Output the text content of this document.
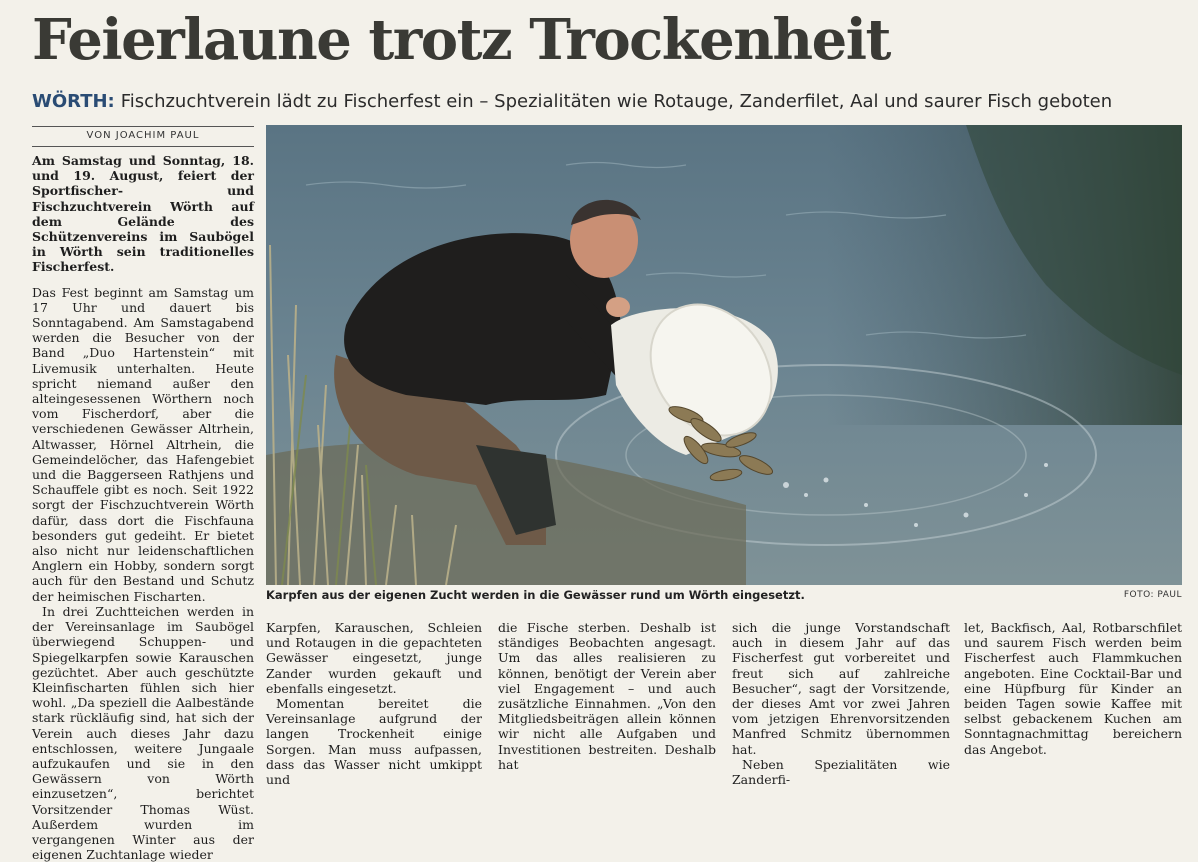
Feierlaune trotz Trockenheit
WÖRTH: Fischzuchtverein lädt zu Fischerfest ein – Spezialitäten wie Rotauge, Zanderfilet, Aal und saurer Fisch geboten
VON JOACHIM PAUL

Am Samstag und Sonntag, 18. und 19. August, feiert der Sportfischer- und Fischzuchtverein Wörth auf dem Gelände des Schützenvereins im Saubögel in Wörth sein traditionelles Fischerfest.

Das Fest beginnt am Samstag um 17 Uhr und dauert bis Sonntagabend. Am Samstagabend werden die Besucher von der Band „Duo Hartenstein“ mit Livemusik unterhalten. Heute spricht niemand außer den alteingesessenen Wörthern noch vom Fischerdorf, aber die verschiedenen Gewässer Altrhein, Altwasser, Hörnel Altrhein, die Gemeindelöcher, das Hafengebiet und die Baggerseen Rathjens und Schauffele gibt es noch. Seit 1922 sorgt der Fischzuchtverein Wörth dafür, dass dort die Fischfauna besonders gut gedeiht. Er bietet also nicht nur leidenschaftlichen Anglern ein Hobby, sondern sorgt auch für den Bestand und Schutz der heimischen Fischarten.

In drei Zuchtteichen werden in der Vereinsanlage im Saubögel überwiegend Schuppen- und Spiegelkarpfen sowie Karauschen gezüchtet. Aber auch geschützte Kleinfischarten fühlen sich hier wohl. „Da speziell die Aalbestände stark rückläufig sind, hat sich der Verein auch dieses Jahr dazu entschlossen, weitere Jungaale aufzukaufen und sie in den Gewässern von Wörth einzusetzen“, berichtet Vorsitzender Thomas Wüst. Außerdem wurden im vergangenen Winter aus der eigenen Zuchtanlage wieder

Karpfen aus der eigenen Zucht werden in die Gewässer rund um Wörth eingesetzt.	FOTO: PAUL

Karpfen, Karauschen, Schleien und Rotaugen in die gepachteten Gewässer eingesetzt, junge Zander wurden gekauft und ebenfalls eingesetzt.

Momentan bereitet die Vereinsanlage aufgrund der langen Trockenheit einige Sorgen. Man muss aufpassen, dass das Wasser nicht umkippt und

die Fische sterben. Deshalb ist ständiges Beobachten angesagt. Um das alles realisieren zu können, benötigt der Verein aber viel Engagement – und auch zusätzliche Einnahmen. „Von den Mitgliedsbeiträgen allein können wir nicht alle Aufgaben und Investitionen bestreiten. Deshalb hat

sich die junge Vorstandschaft auch in diesem Jahr auf das Fischerfest gut vorbereitet und freut sich auf zahlreiche Besucher“, sagt der Vorsitzende, der dieses Amt vor zwei Jahren vom jetzigen Ehrenvorsitzenden Manfred Schmitz übernommen hat.

Neben Spezialitäten wie Zanderfi-

let, Backfisch, Aal, Rotbarschfilet und saurem Fisch werden beim Fischerfest auch Flammkuchen angeboten. Eine Cocktail-Bar und eine Hüpfburg für Kinder an beiden Tagen sowie Kaffee mit selbst gebackenem Kuchen am Sonntagnachmittag bereichern das Angebot.
